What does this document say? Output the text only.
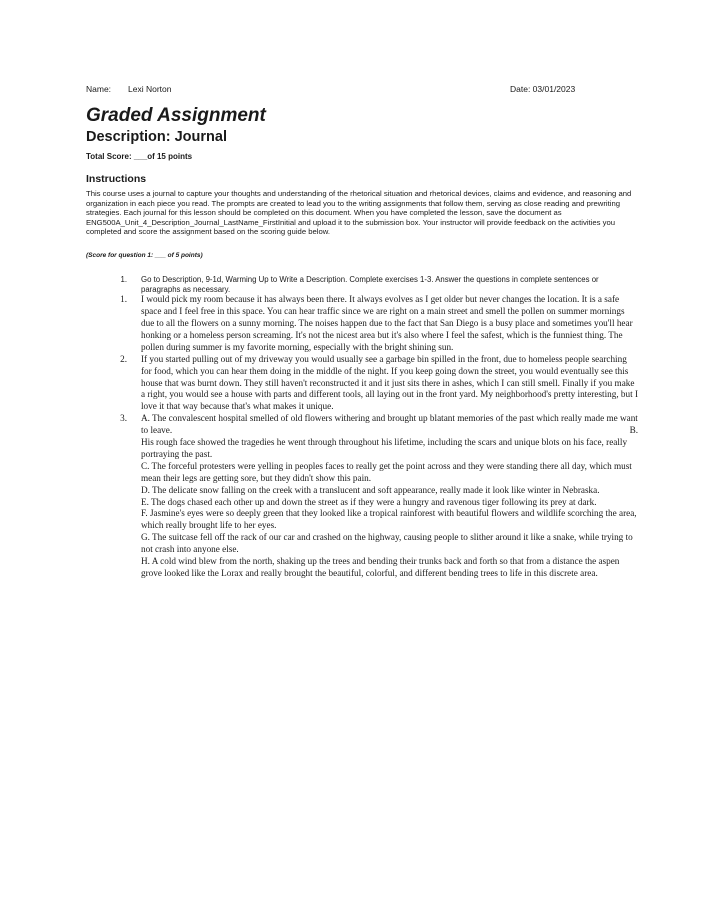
Name: Lexi Norton	Date: 03/01/2023
Graded Assignment
Description: Journal

Total Score: ___of 15 points

Instructions

This course uses a journal to capture your thoughts and understanding of the rhetorical situation and rhetorical devices, claims and evidence, and reasoning and organization in each piece you read. The prompts are created to lead you to the writing assignments that follow them, serving as close reading and prewriting strategies. Each journal for this lesson should be completed on this document. When you have completed the lesson, save the document as ENG500A_Unit_4_Description_Journal_LastName_FirstInitial and upload it to the submission box. Your instructor will provide feedback on the activities you completed and score the assignment based on the scoring guide below.

(Score for question 1: ___ of 5 points)

1. Go to Description, 9-1d, Warming Up to Write a Description. Complete exercises 1-3. Answer the questions in complete sentences or paragraphs as necessary.

1. I would pick my room because it has always been there. It always evolves as I get older but never changes the location. It is a safe space and I feel free in this space. You can hear traffic since we are right on a main street and smell the pollen on summer mornings due to all the flowers on a sunny morning. The noises happen due to the fact that San Diego is a busy place and sometimes you'll hear honking or a homeless person screaming. It's not the nicest area but it's also where I feel the safest, which is the funniest thing. The pollen during summer is my favorite morning, especially with the bright shining sun.

2. If you started pulling out of my driveway you would usually see a garbage bin spilled in the front, due to homeless people searching for food, which you can hear them doing in the middle of the night. If you keep going down the street, you would eventually see this house that was burnt down. They still haven't reconstructed it and it just sits there in ashes, which I can still smell. Finally if you make a right, you would see a house with parts and different tools, all laying out in the front yard. My neighborhood's pretty interesting, but I love it that way because that's what makes it unique.

3. A. The convalescent hospital smelled of old flowers withering and brought up blatant memories of the past which really made me want to leave.	B.

His rough face showed the tragedies he went through throughout his lifetime, including the scars and unique blots on his face, really portraying the past.

C. The forceful protesters were yelling in peoples faces to really get the point across and they were standing there all day, which must mean their legs are getting sore, but they didn't show this pain.

D. The delicate snow falling on the creek with a translucent and soft appearance, really made it look like winter in Nebraska.

E. The dogs chased each other up and down the street as if they were a hungry and ravenous tiger following its prey at dark.

F. Jasmine's eyes were so deeply green that they looked like a tropical rainforest with beautiful flowers and wildlife scorching the area, which really brought life to her eyes.

G. The suitcase fell off the rack of our car and crashed on the highway, causing people to slither around it like a snake, while trying to not crash into anyone else.

H. A cold wind blew from the north, shaking up the trees and bending their trunks back and forth so that from a distance the aspen grove looked like the Lorax and really brought the beautiful, colorful, and different bending trees to life in this discrete area.
